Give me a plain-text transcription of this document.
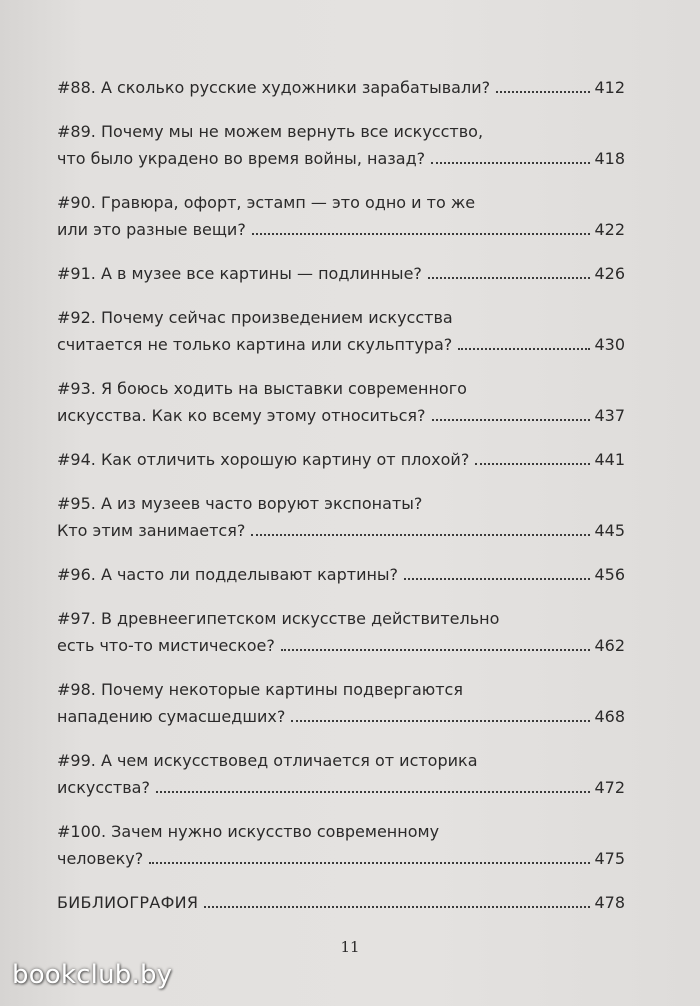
#88. А сколько русские художники зарабатывали?	412
#89. Почему мы не можем вернуть все искусство,
что было украдено во время войны, назад?	418
#90. Гравюра, офорт, эстамп — это одно и то же
или это разные вещи?	422
#91. А в музее все картины — подлинные?	426
#92. Почему сейчас произведением искусства
считается не только картина или скульптура?	430
#93. Я боюсь ходить на выставки современного
искусства. Как ко всему этому относиться?	437
#94. Как отличить хорошую картину от плохой?	441
#95. А из музеев часто воруют экспонаты?
Кто этим занимается?	445
#96. А часто ли подделывают картины?	456
#97. В древнеегипетском искусстве действительно
есть что-то мистическое?	462
#98. Почему некоторые картины подвергаются
нападению сумасшедших?	468
#99. А чем искусствовед отличается от историка
искусства?	472
#100. Зачем нужно искусство современному
человеку?	475
БИБЛИОГРАФИЯ	478
11
bookclub.by
